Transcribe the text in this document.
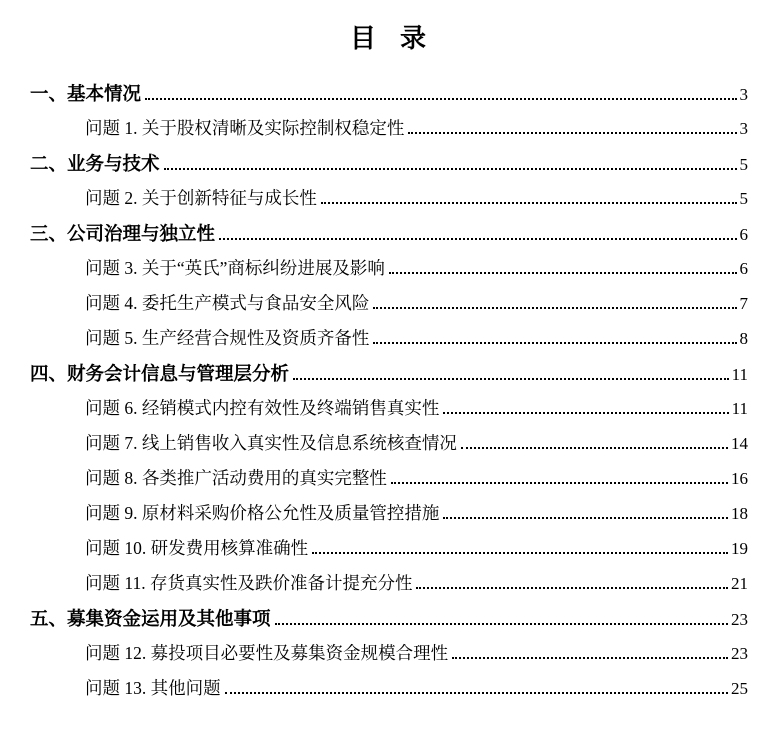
目  录
一、基本情况	3
问题 1. 关于股权清晰及实际控制权稳定性	3
二、业务与技术	5
问题 2. 关于创新特征与成长性	5
三、公司治理与独立性	6
问题 3. 关于“英氏”商标纠纷进展及影响	6
问题 4. 委托生产模式与食品安全风险	7
问题 5. 生产经营合规性及资质齐备性	8
四、财务会计信息与管理层分析	11
问题 6. 经销模式内控有效性及终端销售真实性	11
问题 7. 线上销售收入真实性及信息系统核查情况	14
问题 8. 各类推广活动费用的真实完整性	16
问题 9. 原材料采购价格公允性及质量管控措施	18
问题 10. 研发费用核算准确性	19
问题 11. 存货真实性及跌价准备计提充分性	21
五、募集资金运用及其他事项	23
问题 12. 募投项目必要性及募集资金规模合理性	23
问题 13. 其他问题	25
